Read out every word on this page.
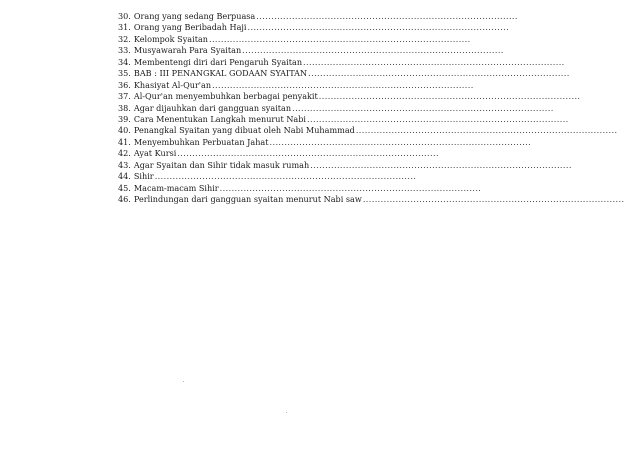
30. Orang yang sedang Berpuasa ........................................................................................
31. Orang yang Beribadah Haji ........................................................................................
32. Kelompok Syaitan ........................................................................................
33. Musyawarah Para Syaitan ........................................................................................
34. Membentengi diri dari Pengaruh Syaitan ........................................................................................
35. BAB : III PENANGKAL GODAAN SYAITAN ........................................................................................
36. Khasiyat Al-Qur'an ........................................................................................
37. Al-Qur'an menyembuhkan berbagai penyakit ........................................................................................
38. Agar dijauhkan dari gangguan syaitan ........................................................................................
39. Cara Menentukan Langkah menurut Nabi ........................................................................................
40. Penangkal Syaitan yang dibuat oleh Nabi Muhammad ........................................................................................
41. Menyembuhkan Perbuatan Jahat ........................................................................................
42. Ayat Kursi ........................................................................................
43. Agar Syaitan dan Sihir tidak masuk rumah ........................................................................................
44. Sihir ........................................................................................
45. Macam-macam Sihir ........................................................................................
46. Perlindungan dari gangguan syaitan menurut Nabi saw ........................................................................................
